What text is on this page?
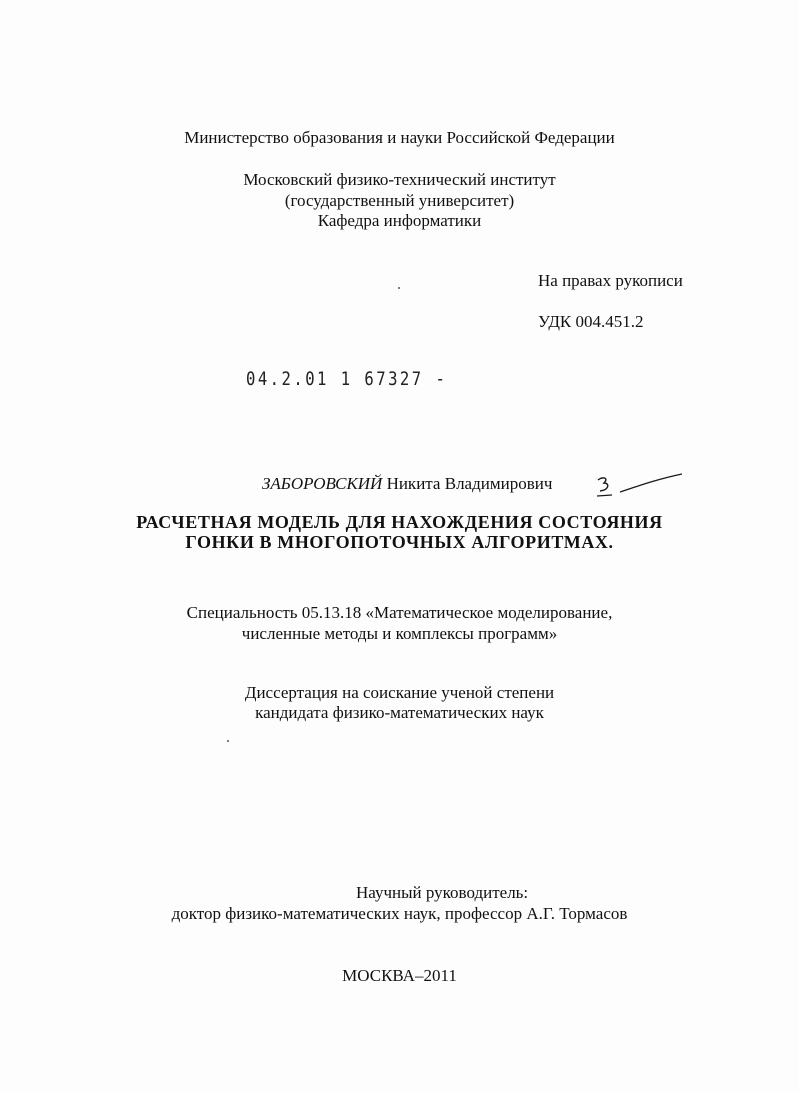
Министерство образования и науки Российской Федерации
Московский физико-технический институт
(государственный университет)
Кафедра информатики
На правах рукописи
УДК 004.451.2
04.2.01 1 67327 -
ЗАБОРОВСКИЙ Никита Владимирович
РАСЧЕТНАЯ МОДЕЛЬ ДЛЯ НАХОЖДЕНИЯ СОСТОЯНИЯ
ГОНКИ В МНОГОПОТОЧНЫХ АЛГОРИТМАХ.
Специальность 05.13.18 «Математическое моделирование,
численные методы и комплексы программ»
Диссертация на соискание ученой степени
кандидата физико-математических наук
Научный руководитель:
доктор физико-математических наук, профессор А.Г. Тормасов
МОСКВА–2011
